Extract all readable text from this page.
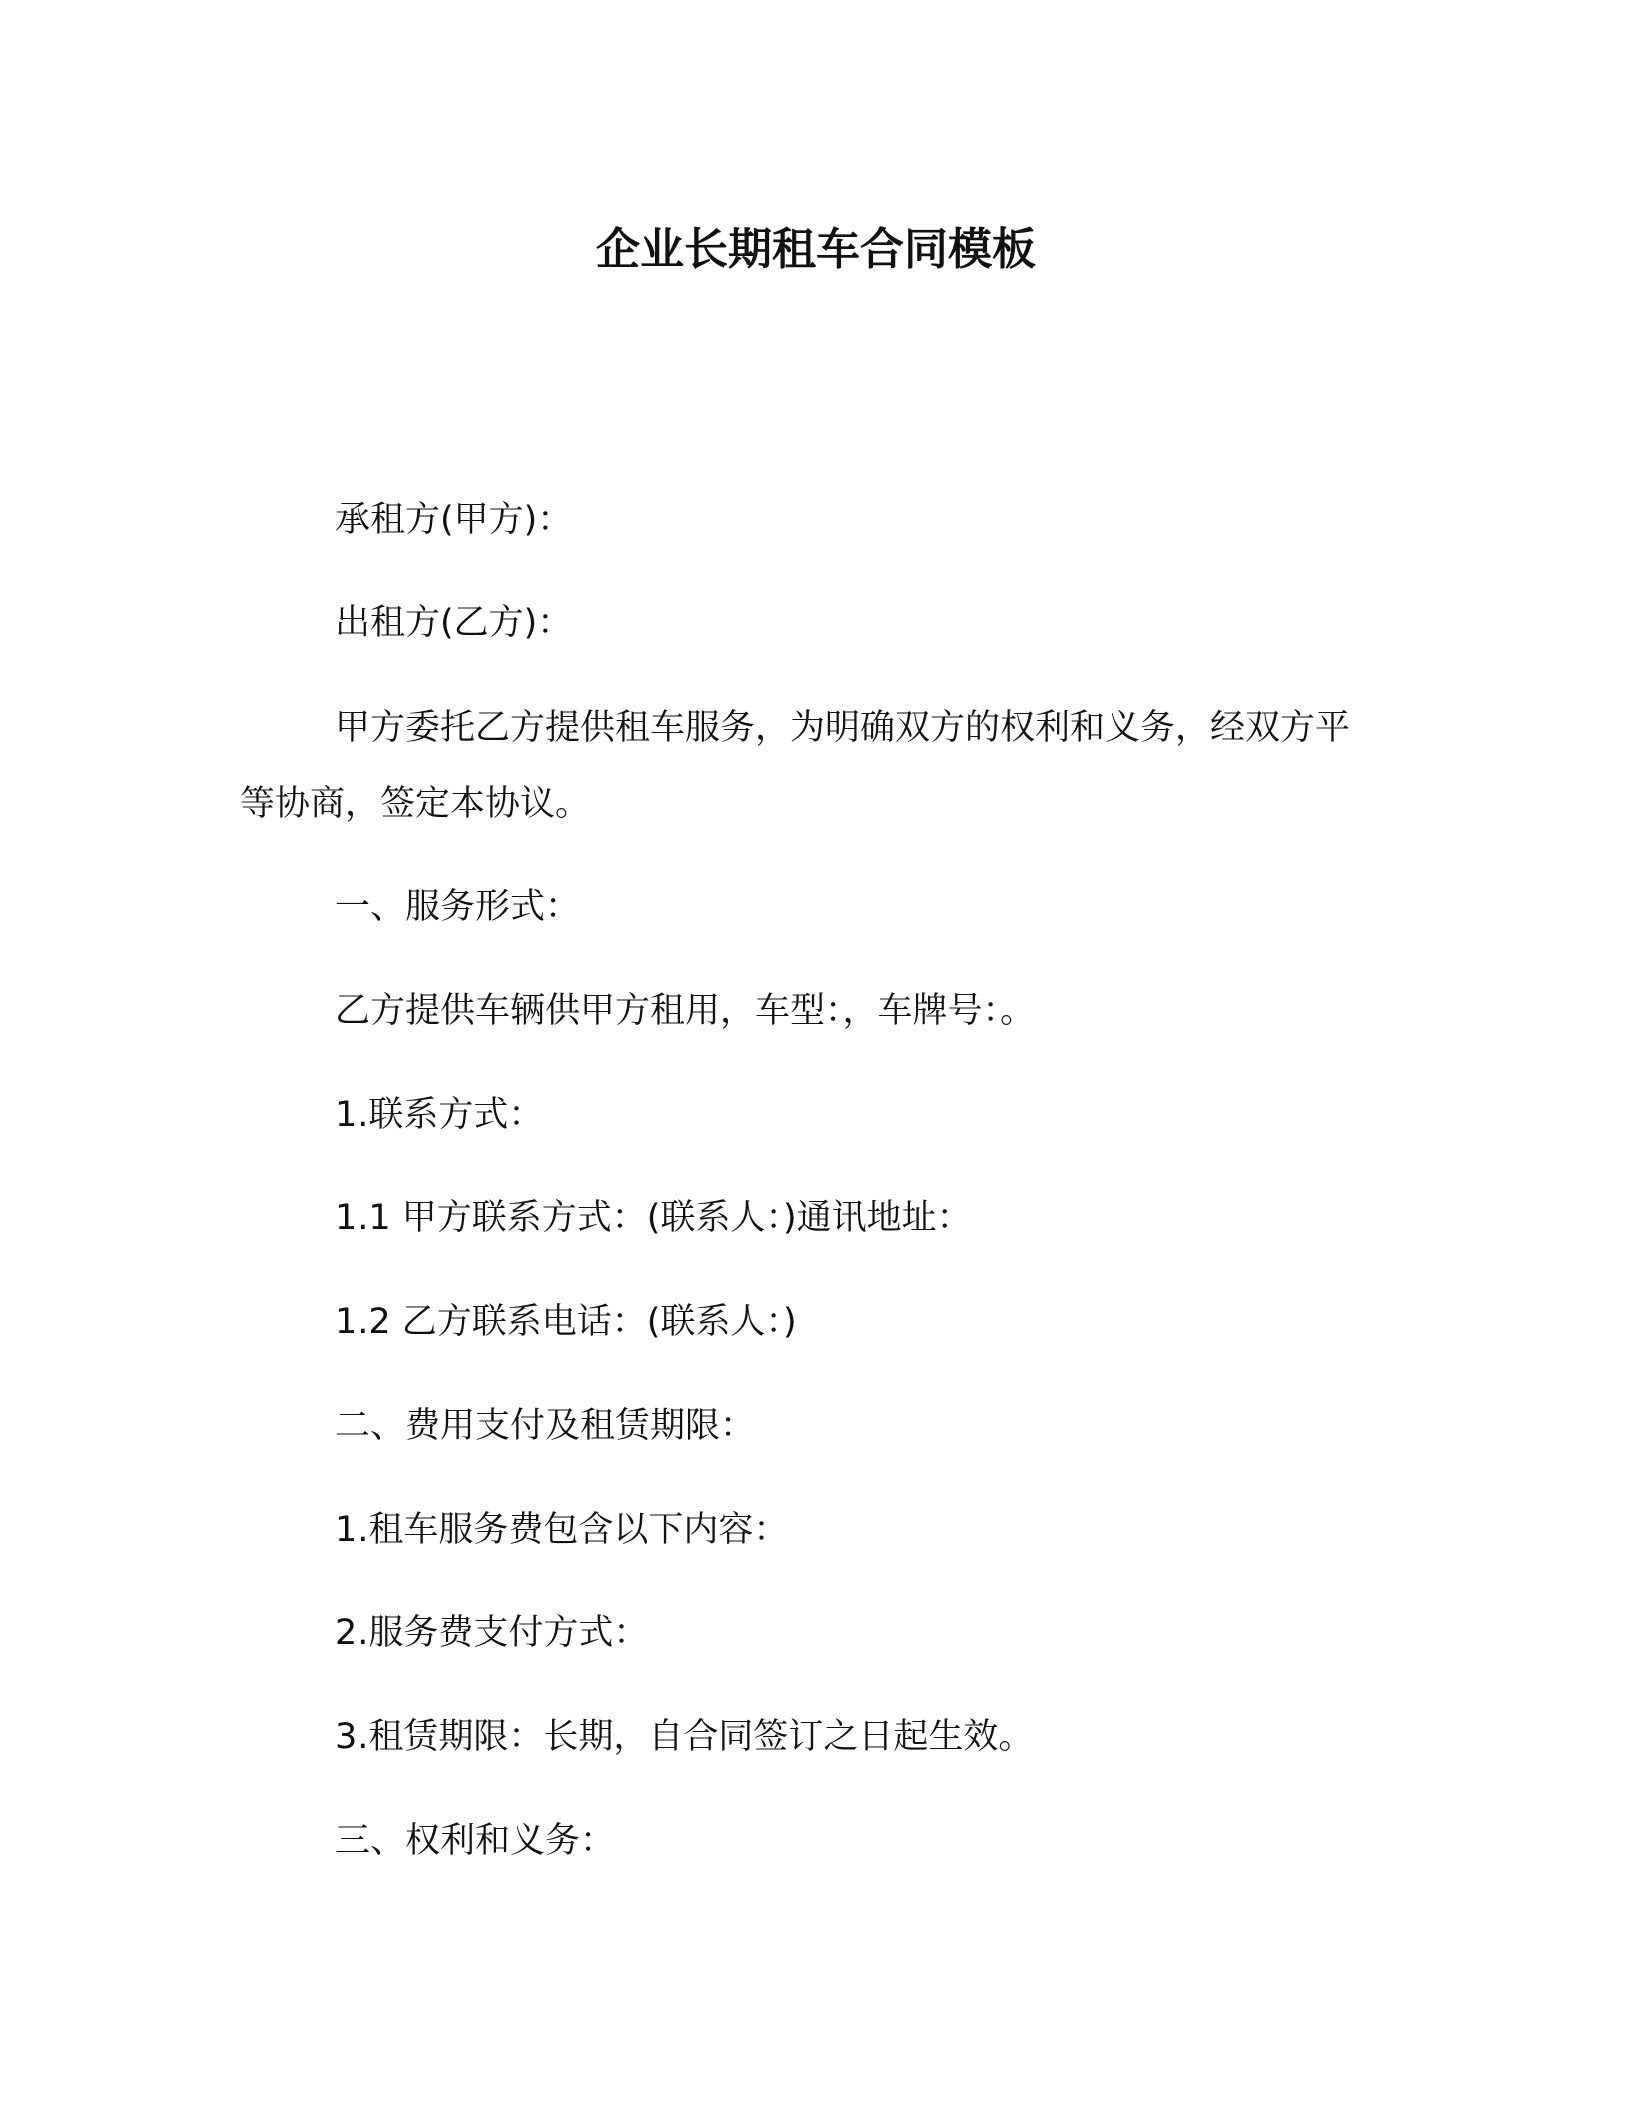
企业长期租车合同模板
承租方(甲方)：
出租方(乙方)：
甲方委托乙方提供租车服务，为明确双方的权利和义务，经双方平等协商，签定本协议。
一、服务形式：
乙方提供车辆供甲方租用，车型：，车牌号：。
1.联系方式：
1.1 甲方联系方式：(联系人：)通讯地址：
1.2 乙方联系电话：(联系人：)
二、费用支付及租赁期限：
1.租车服务费包含以下内容：
2.服务费支付方式：
3.租赁期限：长期，自合同签订之日起生效。
三、权利和义务：
